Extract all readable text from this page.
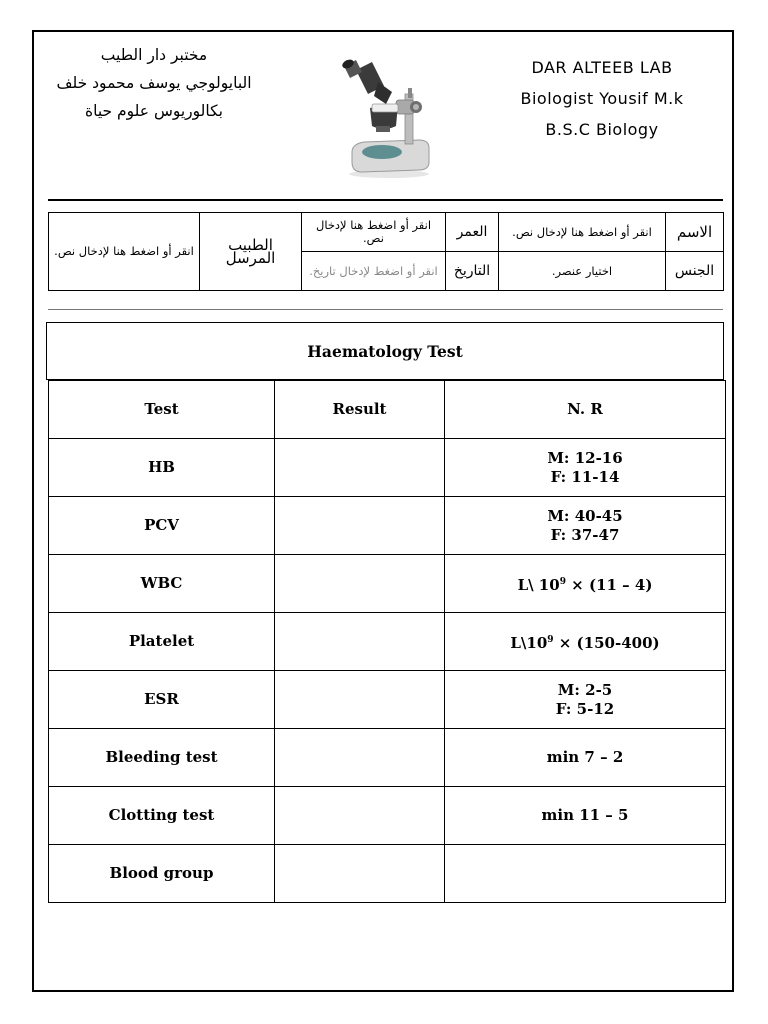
مختبر دار الطيب
البايولوجي يوسف محمود خلف
بكالوريوس علوم حياة
DAR ALTEEB LAB
Biologist Yousif M.k
B.S.C Biology
انقر أو اضغط هنا لإدخال نص.	الطبيب المرسل	انقر أو اضغط هنا لإدخال نص.	العمر	انقر أو اضغط هنا لإدخال نص.	الاسم
		انقر أو اضغط لإدخال تاريخ.	التاريخ	اختيار عنصر.	الجنس
Haematology Test
Test	Result	N. R
HB		M: 12-16
F: 11-14

PCV		M: 40-45
F: 37-47

WBC		L\ $10^9 \times (11 - 4)$
Platelet		$L\backslash 10^9 \times (150-400)$
ESR		M: 2-5
F: 5-12

Bleeding test		min 7 – 2
Clotting test		min 11 – 5
Blood group		
